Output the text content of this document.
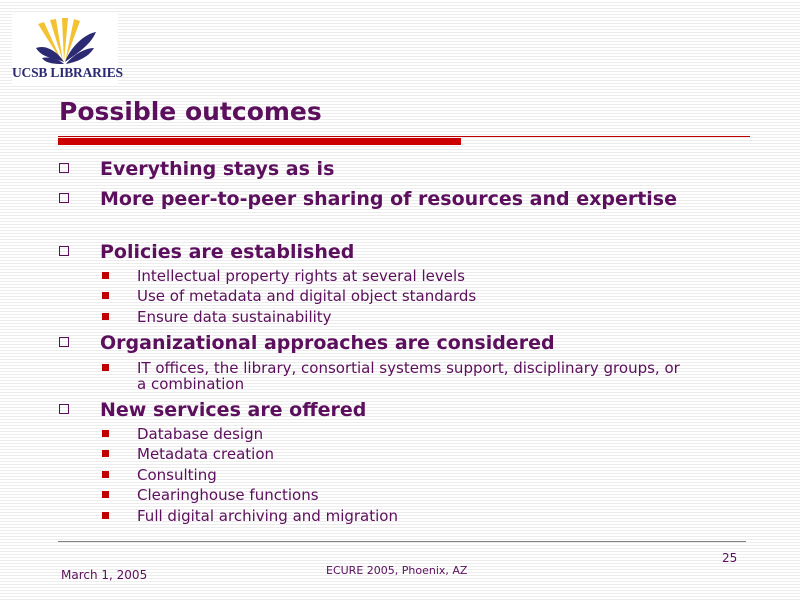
UCSB LIBRARIES
Possible outcomes
Everything stays as is
More peer-to-peer sharing of resources and expertise
Policies are established
Intellectual property rights at several levels
Use of metadata and digital object standards
Ensure data sustainability
Organizational approaches are considered
IT offices, the library, consortial systems support, disciplinary groups, or a combination
New services are offered
Database design
Metadata creation
Consulting
Clearinghouse functions
Full digital archiving and migration
March 1, 2005	ECURE 2005, Phoenix, AZ
25
